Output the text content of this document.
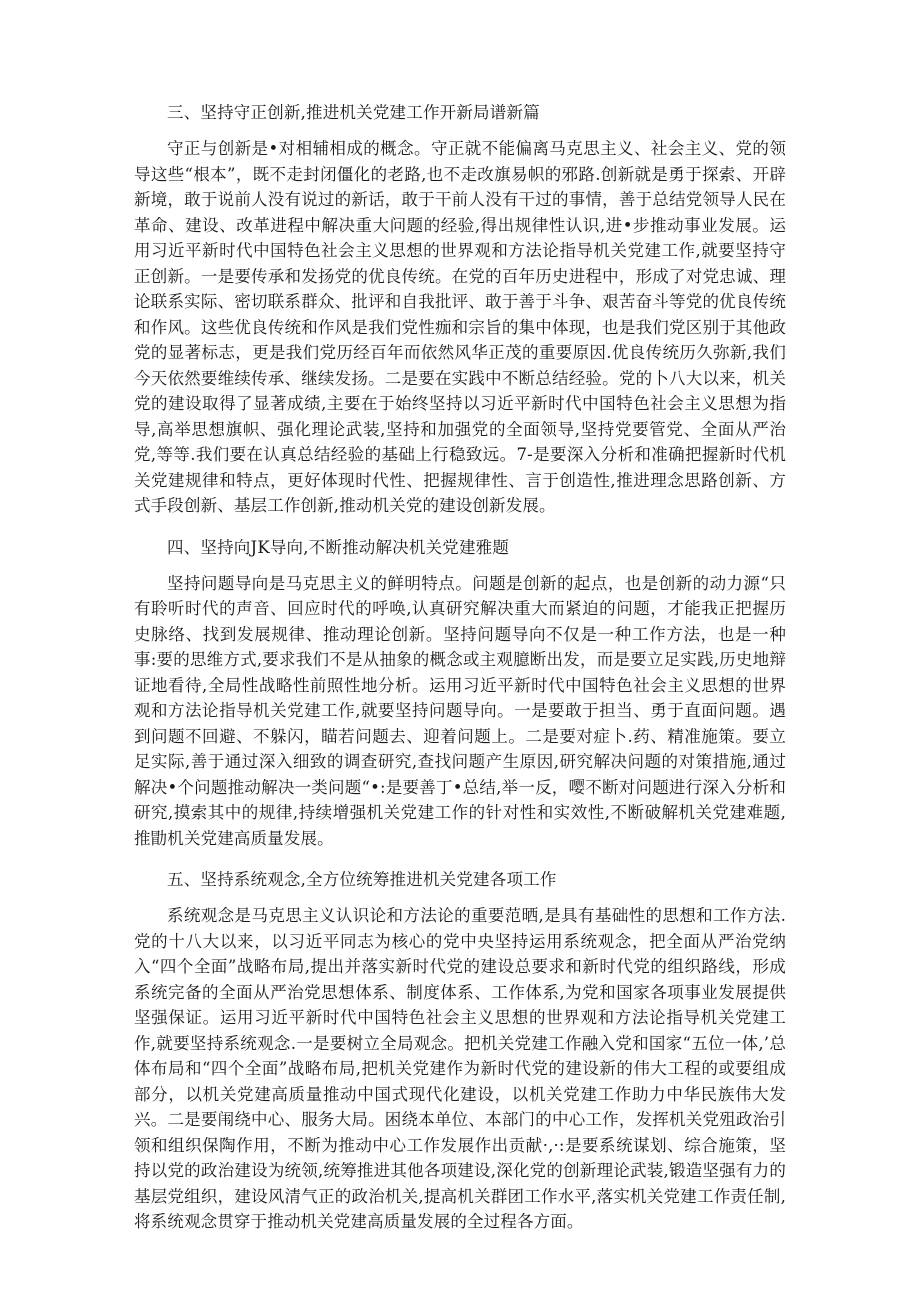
三、坚持守正创新,推进机关党建工作开新局谱新篇
守正与创新是•对相辅相成的概念。守正就不能偏离马克思主义、社会主义、党的领导这些“根本”，既不走封闭僵化的老路,也不走改旗易帜的邪路.创新就是勇于探索、开辟新境，敢于说前人没有说过的新话，敢于干前人没有干过的事情，善于总结党领导人民在革命、建设、改革进程中解决重大问题的经验,得出规律性认识,进•步推动事业发展。运用习近平新时代中国特色社会主义思想的世界观和方法论指导机关党建工作,就要坚持守正创新。一是要传承和发扬党的优良传统。在党的百年历史进程中，形成了对党忠诚、理论联系实际、密切联系群众、批评和自我批评、敢于善于斗争、艰苦奋斗等党的优良传统和作风。这些优良传统和作风是我们党性痂和宗旨的集中体现，也是我们党区别于其他政党的显著标志，更是我们党历经百年而依然风华正茂的重要原因.优良传统历久弥新,我们今天依然要维续传承、继续发扬。二是要在实践中不断总结经验。党的卜八大以来，机关党的建设取得了显著成绩,主要在于始终坚持以习近平新时代中国特色社会主义思想为指导,高举思想旗帜、强化理论武装,坚持和加强党的全面领导,坚持党要管党、全面从严治党,等等.我们要在认真总结经验的基础上行稳致远。7-是要深入分析和准确把握新时代机关党建规律和特点，更好体现时代性、把握规律性、言于创造性,推进理念思路创新、方式手段创新、基层工作创新,推动机关党的建设创新发展。
四、坚持向JK导向,不断推动解决机关党建雅题
坚持问题导向是马克思主义的鲜明特点。问题是创新的起点，也是创新的动力源“只有聆听时代的声音、回应时代的呼唤,认真研究解决重大而紧迫的问题，才能我正把握历史脉络、找到发展规律、推动理论创新。坚持问题导向不仅是一种工作方法，也是一种事:要的思维方式,要求我们不是从抽象的概念或主观臆断出发，而是要立足实践,历史地辩证地看待,全局性战略性前照性地分析。运用习近平新时代中国特色社会主义思想的世界观和方法论指导机关党建工作,就要坚持问题导向。一是要敢于担当、勇于直面问题。遇到问题不回避、不躲闪，瞄若问题去、迎着问题上。二是要对症卜.药、精准施策。要立足实际,善于通过深入细致的调查研究,查找问题产生原因,研究解决问题的对策措施,通过解决•个问题推动解决一类问题“•:是要善丁•总结,举一反，嘤不断对问题进行深入分析和研究,摸索其中的规律,持续增强机关党建工作的针对性和实效性,不断破解机关党建难题,推勖机关党建高质量发展。
五、坚持系统观念,全方位统筹推进机关党建各项工作
系统观念是马克思主义认识论和方法论的重要范晒,是具有基础性的思想和工作方法.党的十八大以来，以习近平同志为核心的党中央坚持运用系统观念，把全面从严治党纳入“四个全面”战略布局,提出并落实新时代党的建设总要求和新时代党的组织路线，形成系统完备的全面从严治党思想体系、制度体系、工作体系,为党和国家各项事业发展提供坚强保证。运用习近平新时代中国特色社会主义思想的世界观和方法论指导机关党建工作,就要坚持系统观念.一是要树立全局观念。把机关党建工作融入党和国家“五位一体,’总体布局和“四个全面”战略布局,把机关党建作为新时代党的建设新的伟大工程的或要组成部分，以机关党建高质量推动中国式现代化建设，以机关党建工作助力中华民族伟大发兴。二是要闱绕中心、服务大局。困绕本单位、本部门的中心工作，发挥机关党殂政治引领和组织保陶作用，不断为推动中心工作发展作出贡献·,·:是要系统谋划、综合施策，坚持以党的政治建设为统领,统筹推进其他各项建设,深化党的创新理论武装,锻造坚强有力的基层党组织，建设风清气正的政治机关,提高机关群团工作水平,落实机关党建工作责任制,将系统观念贯穿于推动机关党建高质量发展的全过程各方面。
